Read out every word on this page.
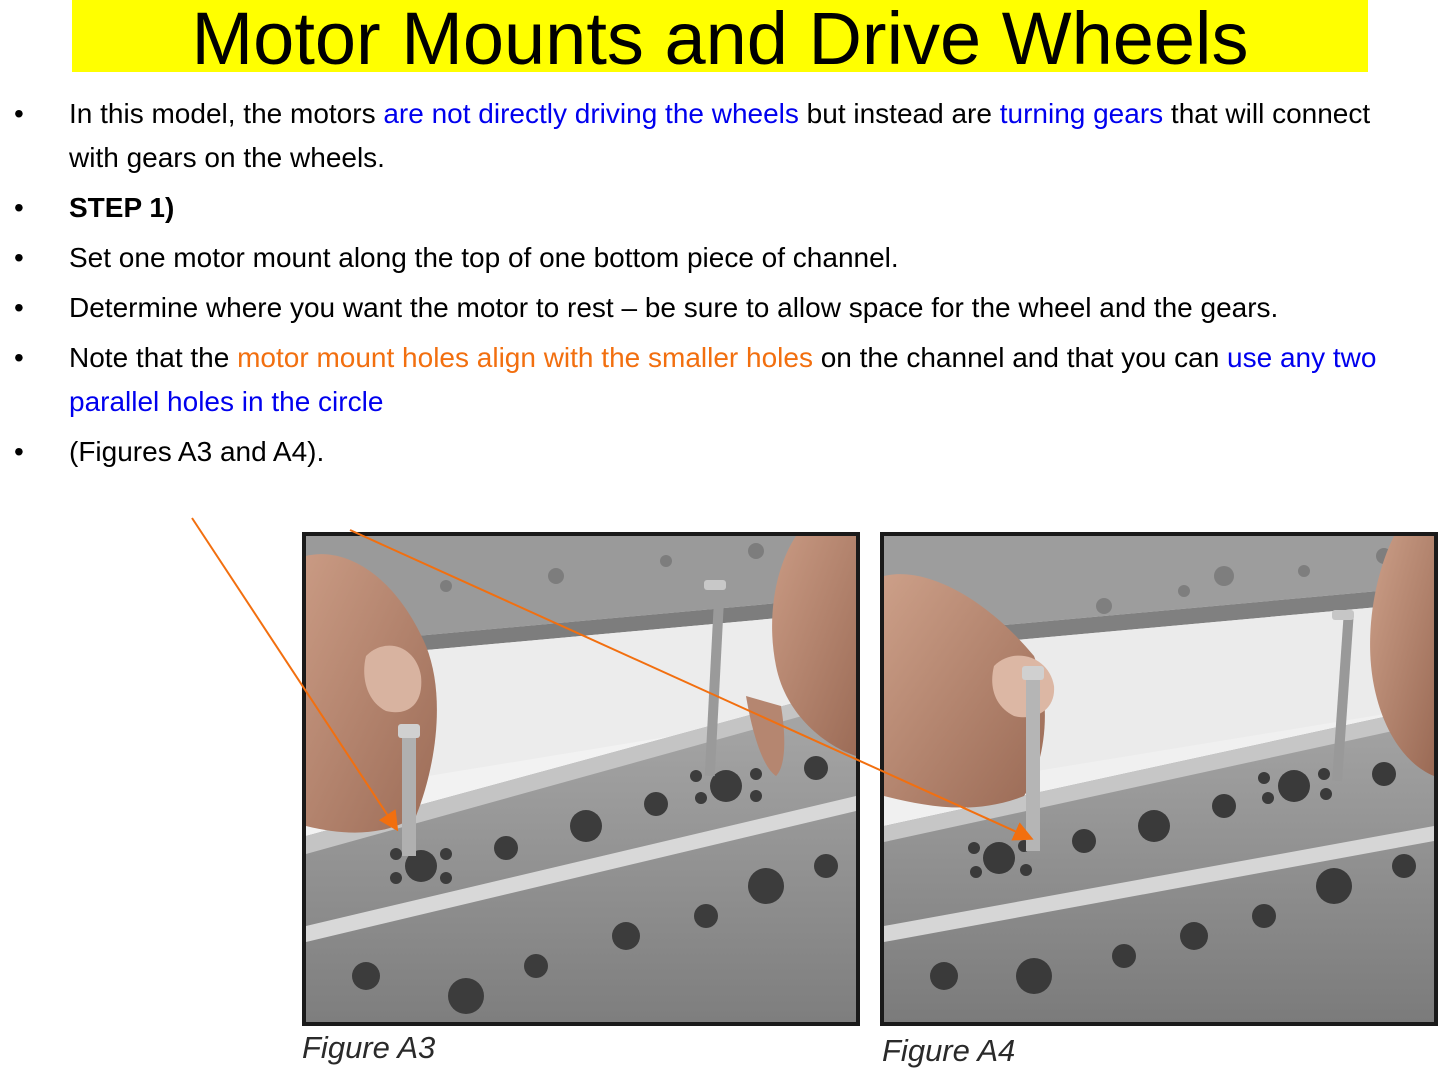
Motor Mounts and Drive Wheels
• In this model, the motors are not directly driving the wheels but instead are turning gears that will connect with gears on the wheels.
• STEP 1)
• Set one motor mount along the top of one bottom piece of channel.
• Determine where you want the motor to rest – be sure to allow space for the wheel and the gears.
• Note that the motor mount holes align with the smaller holes on the channel and that you can use any two parallel holes in the circle
• (Figures A3 and A4).
Figure A3	Figure A4
